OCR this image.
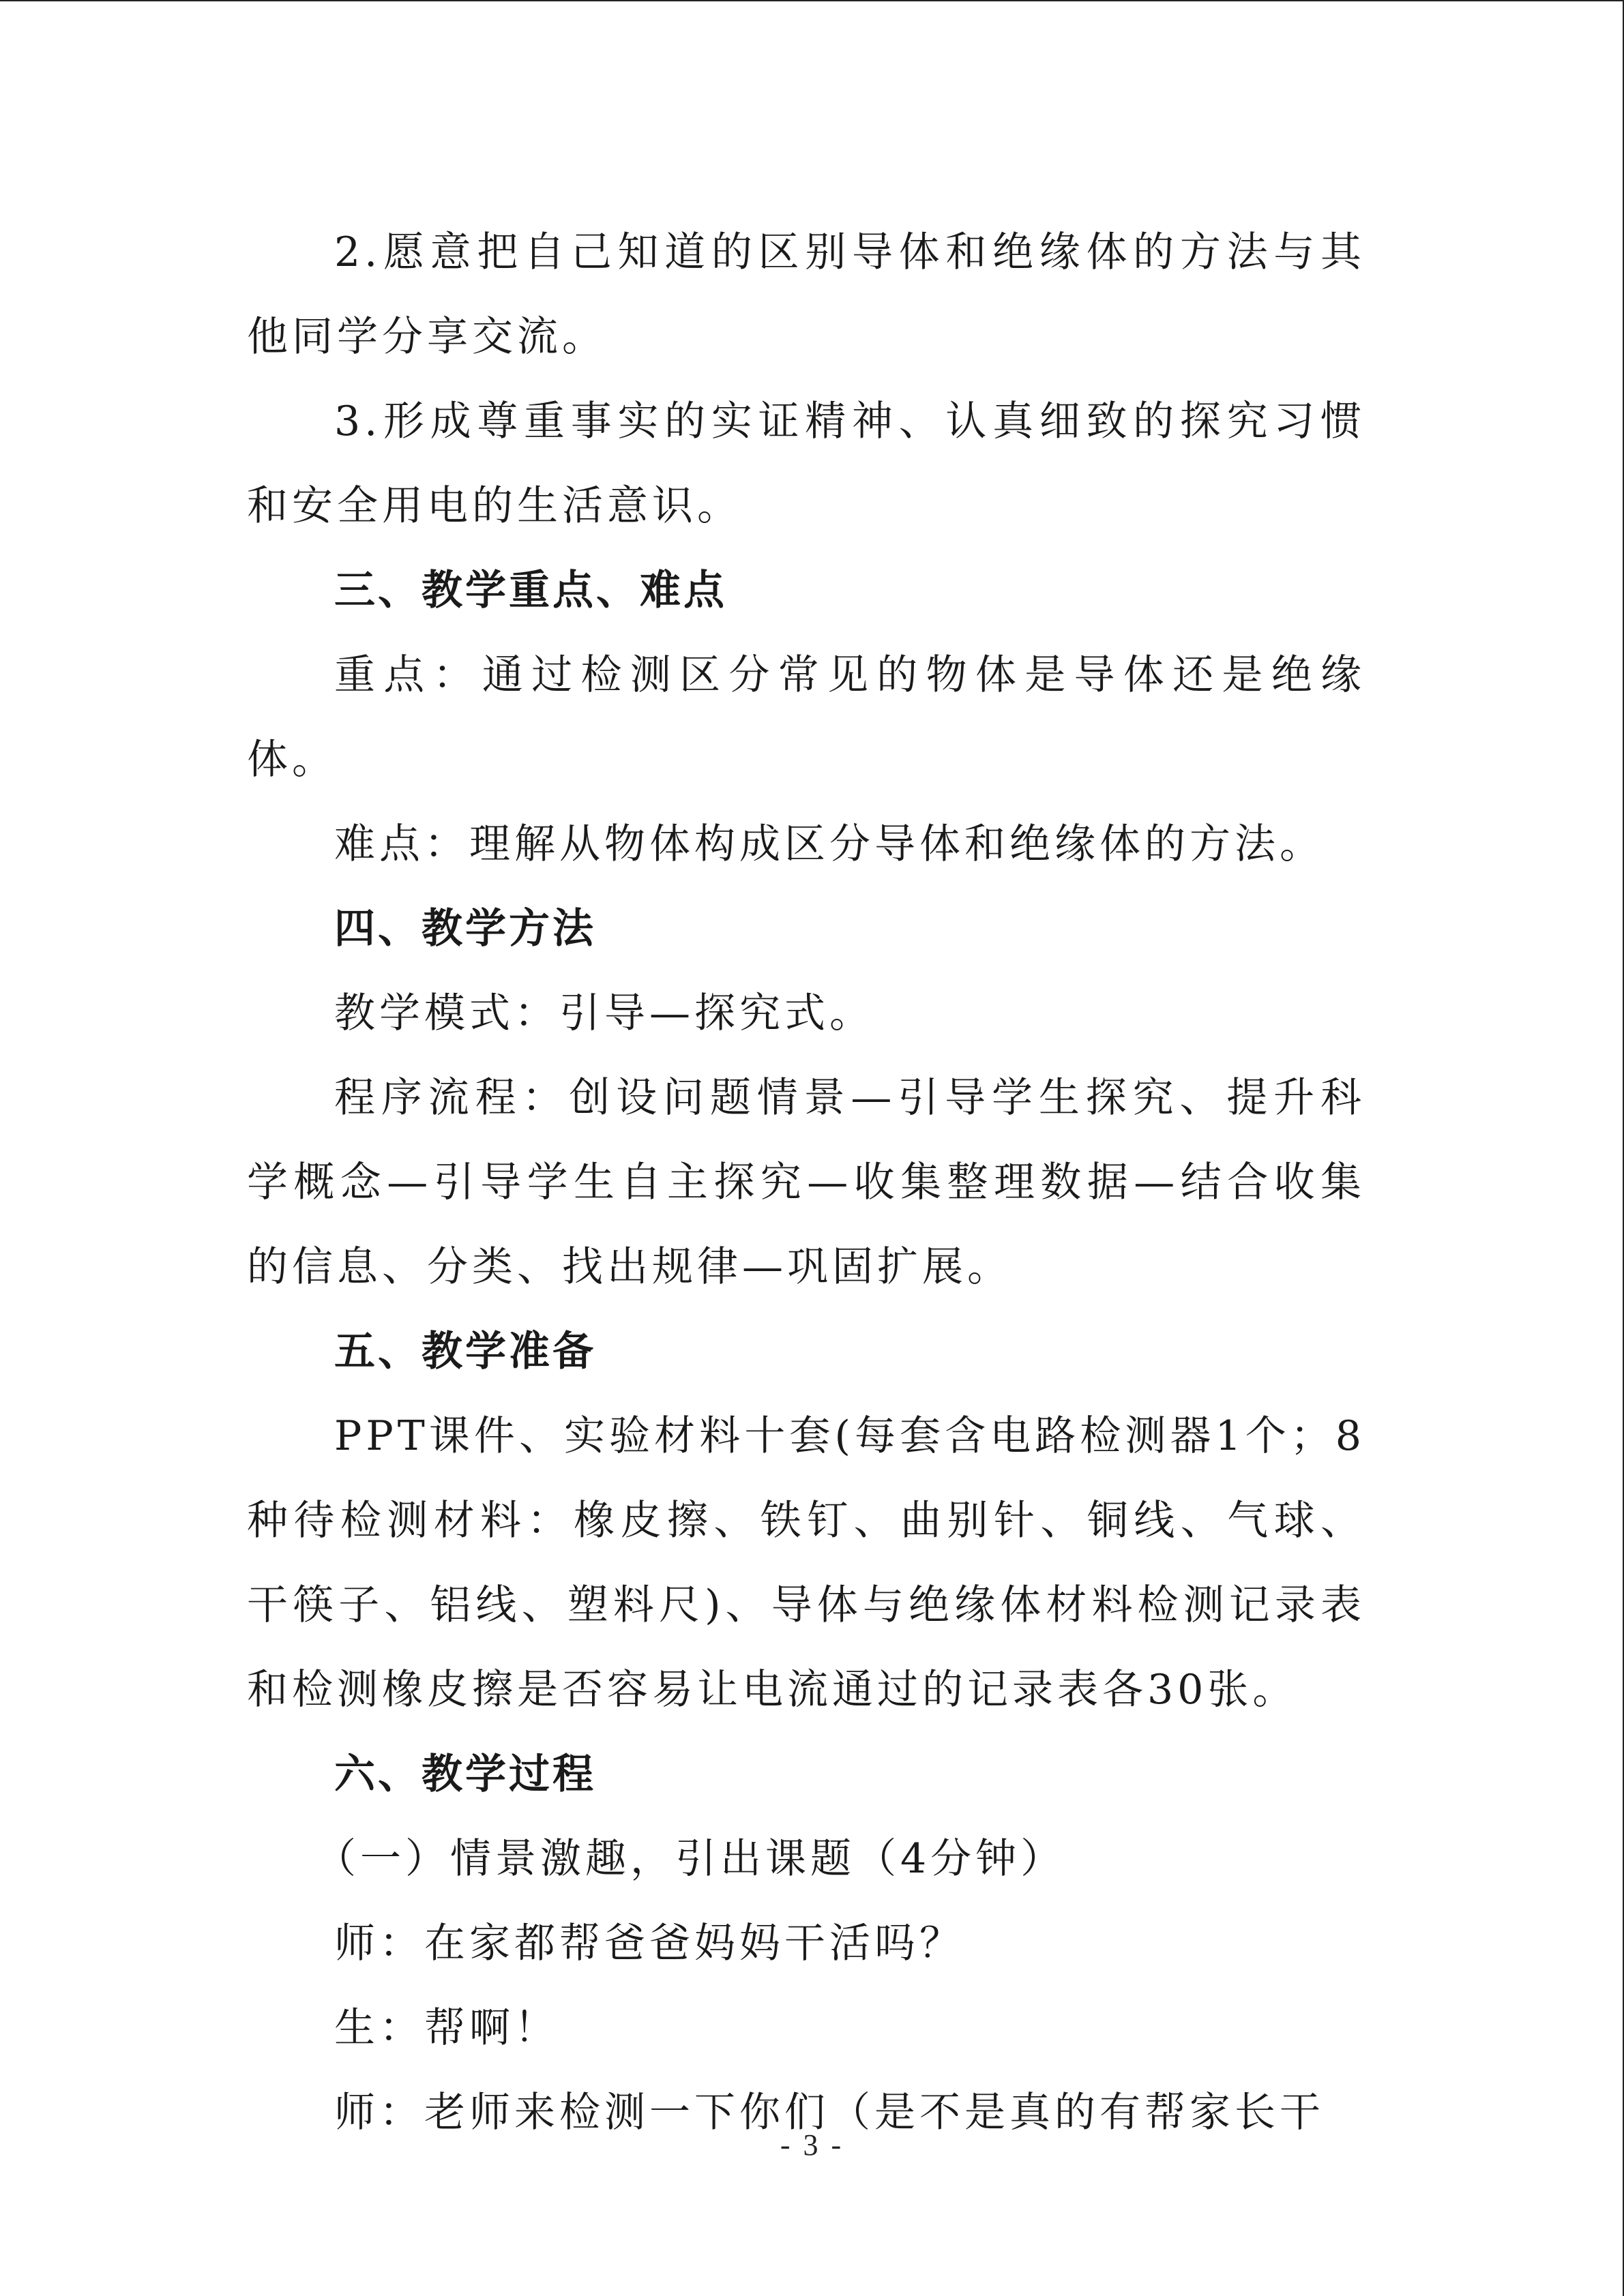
2.愿意把自己知道的区别导体和绝缘体的方法与其他同学分享交流。

3.形成尊重事实的实证精神、认真细致的探究习惯和安全用电的生活意识。

三、教学重点、难点

重点：通过检测区分常见的物体是导体还是绝缘体。

难点：理解从物体构成区分导体和绝缘体的方法。

四、教学方法

教学模式：引导—探究式。

程序流程：创设问题情景—引导学生探究、提升科学概念—引导学生自主探究—收集整理数据—结合收集的信息、分类、找出规律—巩固扩展。

五、教学准备

PPT课件、实验材料十套(每套含电路检测器1个；8种待检测材料：橡皮擦、铁钉、曲别针、铜线、气球、干筷子、铝线、塑料尺)、导体与绝缘体材料检测记录表和检测橡皮擦是否容易让电流通过的记录表各30张。

六、教学过程

（一）情景激趣，引出课题（4分钟）

师：在家都帮爸爸妈妈干活吗？

生：帮啊！

师：老师来检测一下你们（是不是真的有帮家长干

- 3 -
